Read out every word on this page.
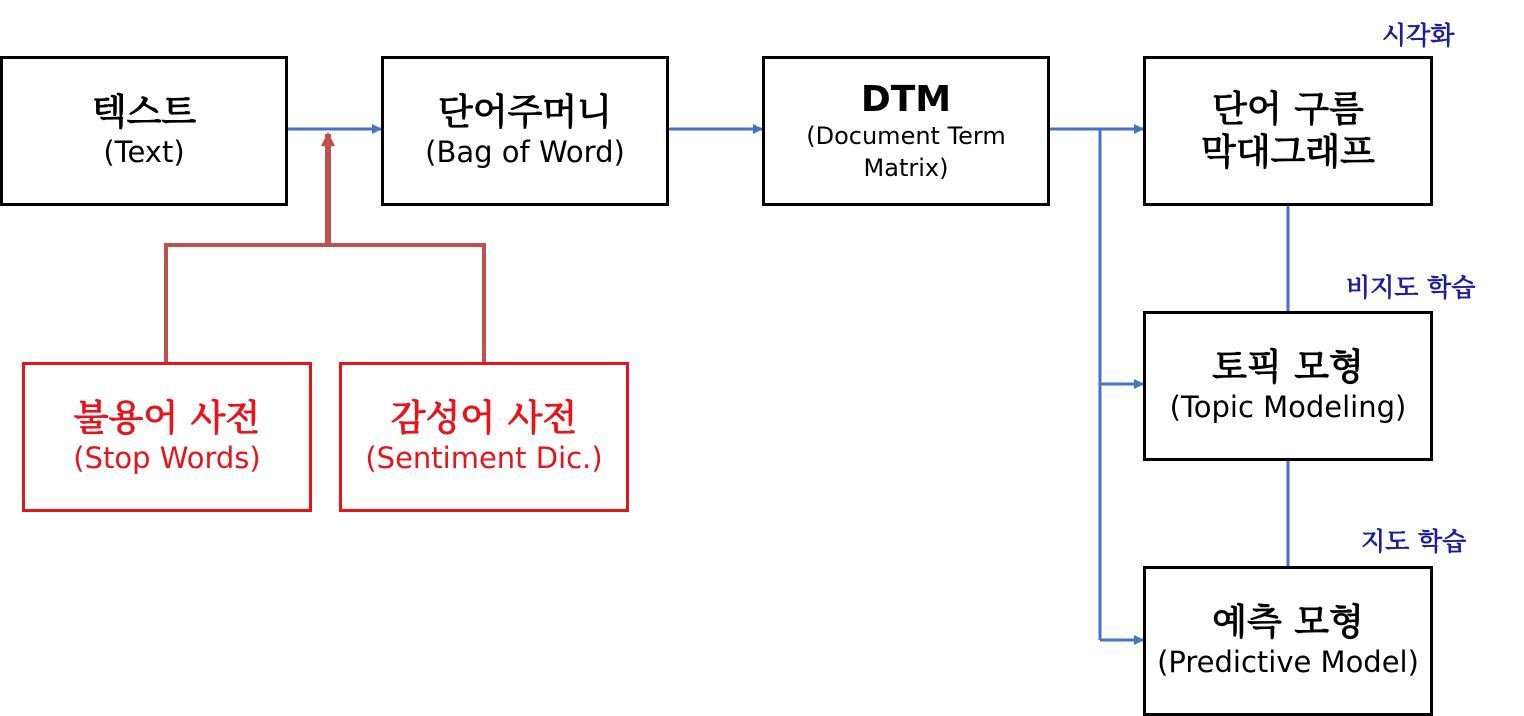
텍스트
(Text)
단어주머니
(Bag of Word)
DTM
(Document Term
Matrix)
단어 구름
막대그래프
토픽 모형
(Topic Modeling)
예측 모형
(Predictive Model)
불용어 사전
(Stop Words)
감성어 사전
(Sentiment Dic.)
시각화
비지도 학습
지도 학습
